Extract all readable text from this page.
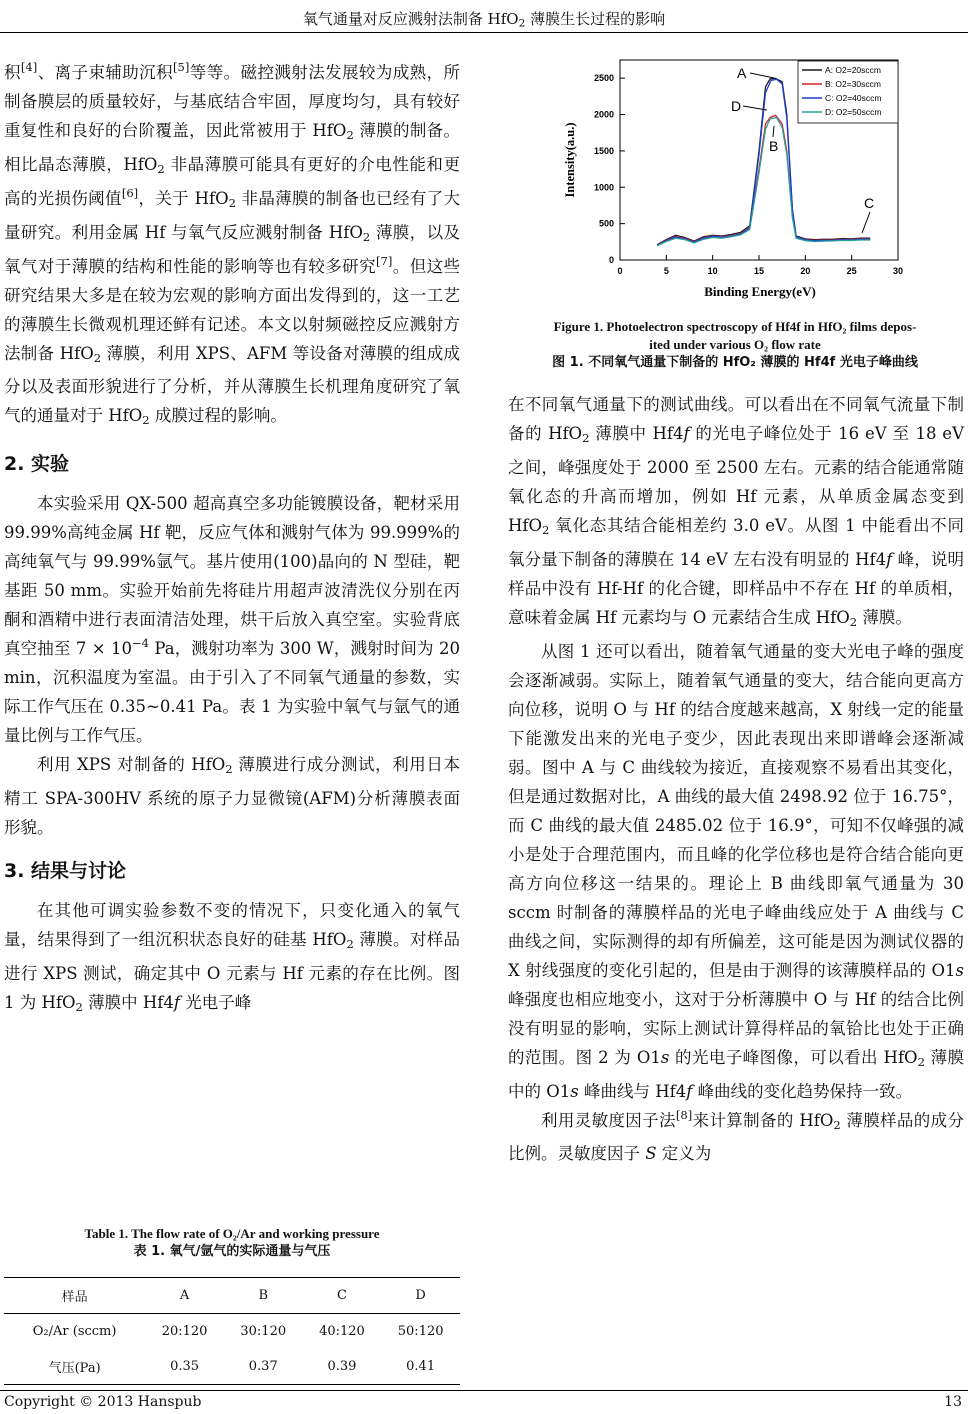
氧气通量对反应溅射法制备 HfO$_2$ 薄膜生长过程的影响

积[4]、离子束辅助沉积[5]等等。磁控溅射法发展较为成熟，所制备膜层的质量较好，与基底结合牢固，厚度均匀，具有较好重复性和良好的台阶覆盖，因此常被用于 HfO$_2$ 薄膜的制备。相比晶态薄膜，HfO$_2$ 非晶薄膜可能具有更好的介电性能和更高的光损伤阈值[6]，关于 HfO$_2$ 非晶薄膜的制备也已经有了大量研究。利用金属 Hf 与氧气反应溅射制备 HfO$_2$ 薄膜，以及氧气对于薄膜的结构和性能的影响等也有较多研究[7]。但这些研究结果大多是在较为宏观的影响方面出发得到的，这一工艺的薄膜生长微观机理还鲜有记述。本文以射频磁控反应溅射方法制备 HfO$_2$ 薄膜，利用 XPS、AFM 等设备对薄膜的组成成分以及表面形貌进行了分析，并从薄膜生长机理角度研究了氧气的通量对于 HfO$_2$ 成膜过程的影响。

2. 实验

本实验采用 QX-500 超高真空多功能镀膜设备，靶材采用 99.99%高纯金属 Hf 靶，反应气体和溅射气体为 99.999%的高纯氧气与 99.99%氩气。基片使用(100)晶向的 N 型硅，靶基距 50 mm。实验开始前先将硅片用超声波清洗仪分别在丙酮和酒精中进行表面清洁处理，烘干后放入真空室。实验背底真空抽至 $7 \times 10^{-4}$ Pa，溅射功率为 300 W，溅射时间为 20 min，沉积温度为室温。由于引入了不同氧气通量的参数，实际工作气压在 0.35~0.41 Pa。表 1 为实验中氧气与氩气的通量比例与工作气压。

利用 XPS 对制备的 HfO$_2$ 薄膜进行成分测试，利用日本精工 SPA-300HV 系统的原子力显微镜(AFM)分析薄膜表面形貌。

3. 结果与讨论

在其他可调实验参数不变的情况下，只变化通入的氧气量，结果得到了一组沉积状态良好的硅基 HfO$_2$ 薄膜。对样品进行 XPS 测试，确定其中 O 元素与 Hf 元素的存在比例。图 1 为 HfO$_2$ 薄膜中 Hf4f 光电子峰

Table 1. The flow rate of O₂/Ar and working pressure
表 1. 氧气/氩气的实际通量与气压
样品	A	B	C	D
O₂/Ar (sccm)	20:120	30:120	40:120	50:120
气压(Pa)	0.35	0.37	0.39	0.41
0	5	10	15	20	25	30
0
500
1000
1500
2000
2500
A: O2=20sccm
B: O2=30sccm
C: O2=40sccm
D: O2=50sccm
Intensity(a.u.)
Binding Energy(eV)
A
D
B
C
Figure 1. Photoelectron spectroscopy of Hf4f in HfO₂ films depos-
ited under various O₂ flow rate
图 1. 不同氧气通量下制备的 HfO₂ 薄膜的 Hf4f 光电子峰曲线

在不同氧气通量下的测试曲线。可以看出在不同氧气流量下制备的 HfO$_2$ 薄膜中 Hf4f 的光电子峰位处于 16 eV 至 18 eV 之间，峰强度处于 2000 至 2500 左右。元素的结合能通常随氧化态的升高而增加，例如 Hf 元素，从单质金属态变到 HfO$_2$ 氧化态其结合能相差约 3.0 eV。从图 1 中能看出不同氧分量下制备的薄膜在 14 eV 左右没有明显的 Hf4f 峰，说明样品中没有 Hf-Hf 的化合键，即样品中不存在 Hf 的单质相，意味着金属 Hf 元素均与 O 元素结合生成 HfO$_2$ 薄膜。

从图 1 还可以看出，随着氧气通量的变大光电子峰的强度会逐渐减弱。实际上，随着氧气通量的变大，结合能向更高方向位移，说明 O 与 Hf 的结合度越来越高，X 射线一定的能量下能激发出来的光电子变少，因此表现出来即谱峰会逐渐减弱。图中 A 与 C 曲线较为接近，直接观察不易看出其变化，但是通过数据对比，A 曲线的最大值 2498.92 位于 16.75°，而 C 曲线的最大值 2485.02 位于 16.9°，可知不仅峰强的减小是处于合理范围内，而且峰的化学位移也是符合结合能向更高方向位移这一结果的。理论上 B 曲线即氧气通量为 30 sccm 时制备的薄膜样品的光电子峰曲线应处于 A 曲线与 C 曲线之间，实际测得的却有所偏差，这可能是因为测试仪器的 X 射线强度的变化引起的，但是由于测得的该薄膜样品的 O1s 峰强度也相应地变小，这对于分析薄膜中 O 与 Hf 的结合比例没有明显的影响，实际上测试计算得样品的氧铪比也处于正确的范围。图 2 为 O1s 的光电子峰图像，可以看出 HfO$_2$ 薄膜中的 O1s 峰曲线与 Hf4f 峰曲线的变化趋势保持一致。

利用灵敏度因子法[8]来计算制备的 HfO$_2$ 薄膜样品的成分比例。灵敏度因子 S 定义为

Copyright © 2013 Hanspub	13
